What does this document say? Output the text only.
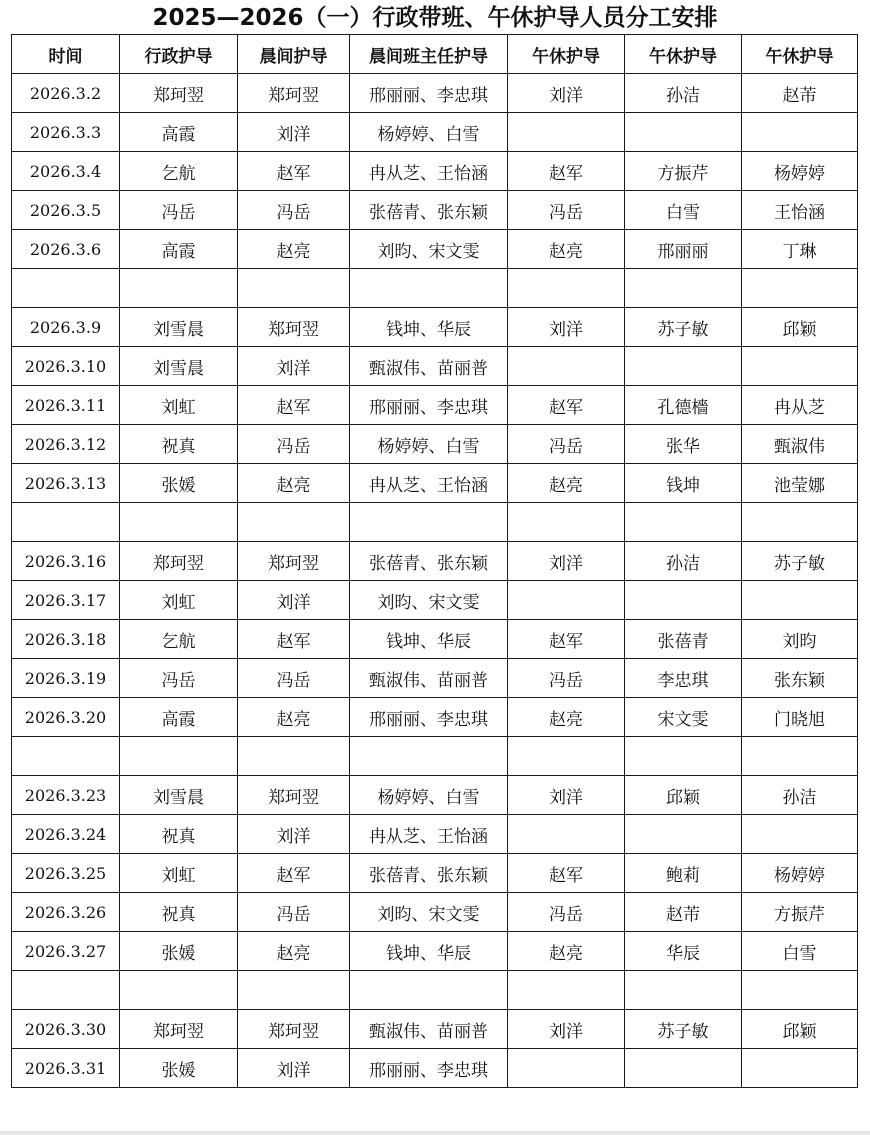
2025—2026（一）行政带班、午休护导人员分工安排
时间	行政护导	晨间护导	晨间班主任护导	午休护导	午休护导	午休护导
2026.3.2	郑珂翌	郑珂翌	邢丽丽、李忠琪	刘洋	孙洁	赵芾
2026.3.3	高霞	刘洋	杨婷婷、白雪			
2026.3.4	乞航	赵军	冉从芝、王怡涵	赵军	方振芹	杨婷婷
2026.3.5	冯岳	冯岳	张蓓青、张东颖	冯岳	白雪	王怡涵
2026.3.6	高霞	赵亮	刘昀、宋文雯	赵亮	邢丽丽	丁琳

2026.3.9	刘雪晨	郑珂翌	钱坤、华辰	刘洋	苏子敏	邱颖
2026.3.10	刘雪晨	刘洋	甄淑伟、苗丽普			
2026.3.11	刘虹	赵军	邢丽丽、李忠琪	赵军	孔德檣	冉从芝
2026.3.12	祝真	冯岳	杨婷婷、白雪	冯岳	张华	甄淑伟
2026.3.13	张媛	赵亮	冉从芝、王怡涵	赵亮	钱坤	池莹娜

2026.3.16	郑珂翌	郑珂翌	张蓓青、张东颖	刘洋	孙洁	苏子敏
2026.3.17	刘虹	刘洋	刘昀、宋文雯			
2026.3.18	乞航	赵军	钱坤、华辰	赵军	张蓓青	刘昀
2026.3.19	冯岳	冯岳	甄淑伟、苗丽普	冯岳	李忠琪	张东颖
2026.3.20	高霞	赵亮	邢丽丽、李忠琪	赵亮	宋文雯	门晓旭

2026.3.23	刘雪晨	郑珂翌	杨婷婷、白雪	刘洋	邱颖	孙洁
2026.3.24	祝真	刘洋	冉从芝、王怡涵			
2026.3.25	刘虹	赵军	张蓓青、张东颖	赵军	鲍莉	杨婷婷
2026.3.26	祝真	冯岳	刘昀、宋文雯	冯岳	赵芾	方振芹
2026.3.27	张媛	赵亮	钱坤、华辰	赵亮	华辰	白雪

2026.3.30	郑珂翌	郑珂翌	甄淑伟、苗丽普	刘洋	苏子敏	邱颖
2026.3.31	张媛	刘洋	邢丽丽、李忠琪			
